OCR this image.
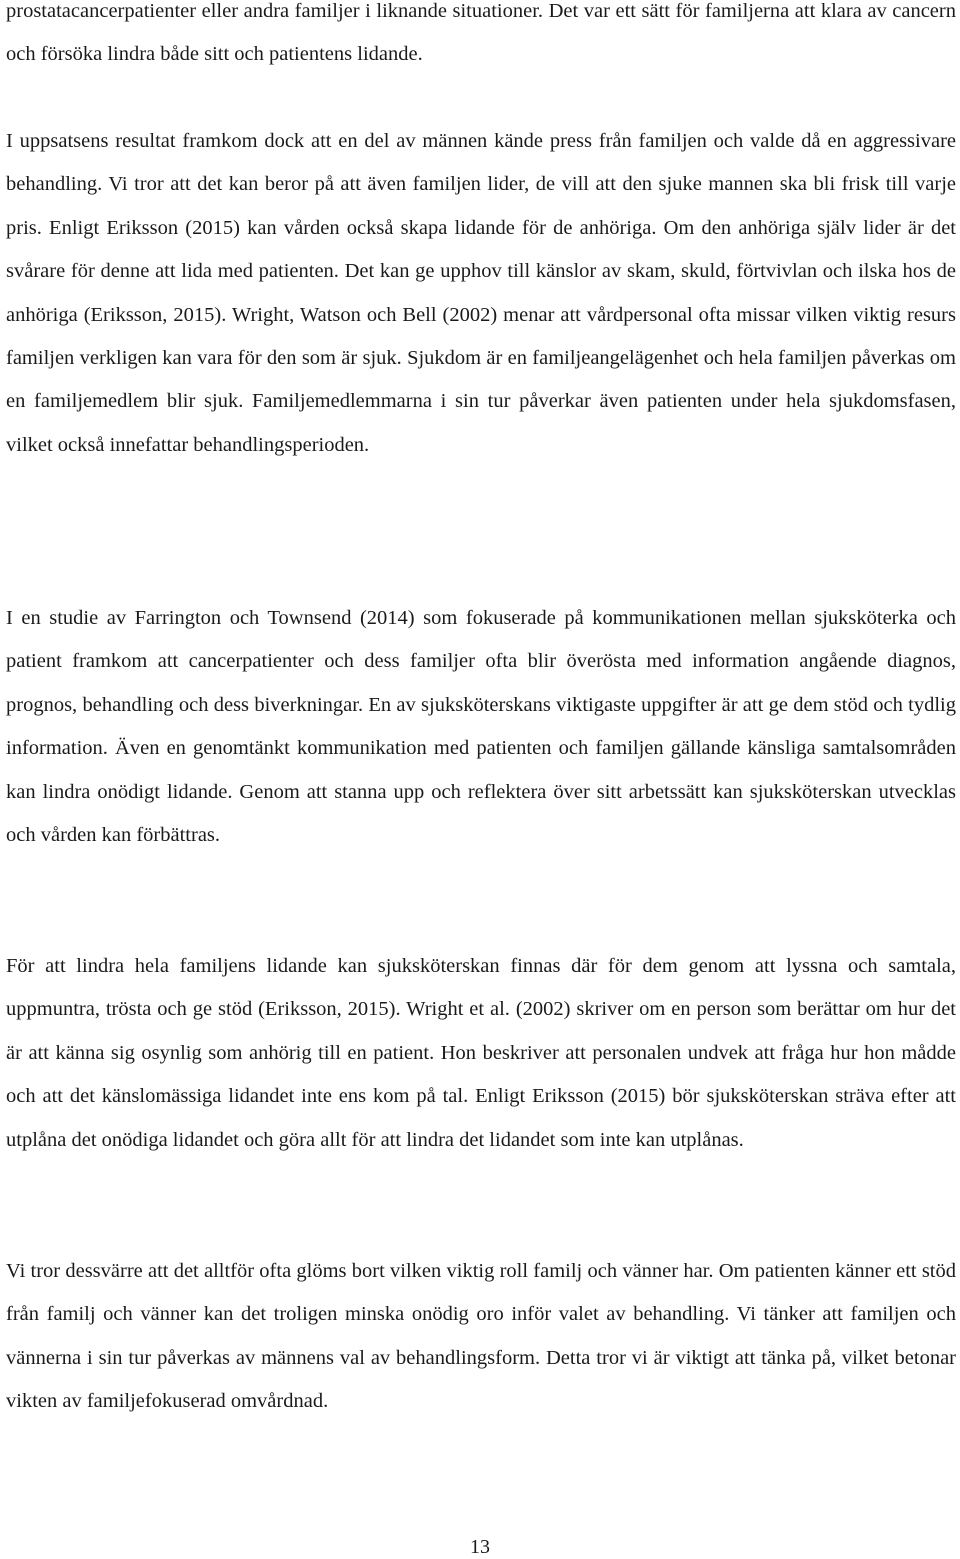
prostatacancerpatienter eller andra familjer i liknande situationer. Det var ett sätt för familjerna att klara av cancern och försöka lindra både sitt och patientens lidande.

I uppsatsens resultat framkom dock att en del av männen kände press från familjen och valde då en aggressivare behandling. Vi tror att det kan beror på att även familjen lider, de vill att den sjuke mannen ska bli frisk till varje pris. Enligt Eriksson (2015) kan vården också skapa lidande för de anhöriga. Om den anhöriga själv lider är det svårare för denne att lida med patienten. Det kan ge upphov till känslor av skam, skuld, förtvivlan och ilska hos de anhöriga (Eriksson, 2015). Wright, Watson och Bell (2002) menar att vårdpersonal ofta missar vilken viktig resurs familjen verkligen kan vara för den som är sjuk. Sjukdom är en familjeangelägenhet och hela familjen påverkas om en familjemedlem blir sjuk. Familjemedlemmarna i sin tur påverkar även patienten under hela sjukdomsfasen, vilket också innefattar behandlingsperioden.

I en studie av Farrington och Townsend (2014) som fokuserade på kommunikationen mellan sjuksköterka och patient framkom att cancerpatienter och dess familjer ofta blir överösta med information angående diagnos, prognos, behandling och dess biverkningar. En av sjuksköterskans viktigaste uppgifter är att ge dem stöd och tydlig information. Även en genomtänkt kommunikation med patienten och familjen gällande känsliga samtalsområden kan lindra onödigt lidande. Genom att stanna upp och reflektera över sitt arbetssätt kan sjuksköterskan utvecklas och vården kan förbättras.

För att lindra hela familjens lidande kan sjuksköterskan finnas där för dem genom att lyssna och samtala, uppmuntra, trösta och ge stöd (Eriksson, 2015). Wright et al. (2002) skriver om en person som berättar om hur det är att känna sig osynlig som anhörig till en patient. Hon beskriver att personalen undvek att fråga hur hon mådde och att det känslomässiga lidandet inte ens kom på tal. Enligt Eriksson (2015) bör sjuksköterskan sträva efter att utplåna det onödiga lidandet och göra allt för att lindra det lidandet som inte kan utplånas.

Vi tror dessvärre att det alltför ofta glöms bort vilken viktig roll familj och vänner har. Om patienten känner ett stöd från familj och vänner kan det troligen minska onödig oro inför valet av behandling. Vi tänker att familjen och vännerna i sin tur påverkas av männens val av behandlingsform. Detta tror vi är viktigt att tänka på, vilket betonar vikten av familjefokuserad omvårdnad.

13
